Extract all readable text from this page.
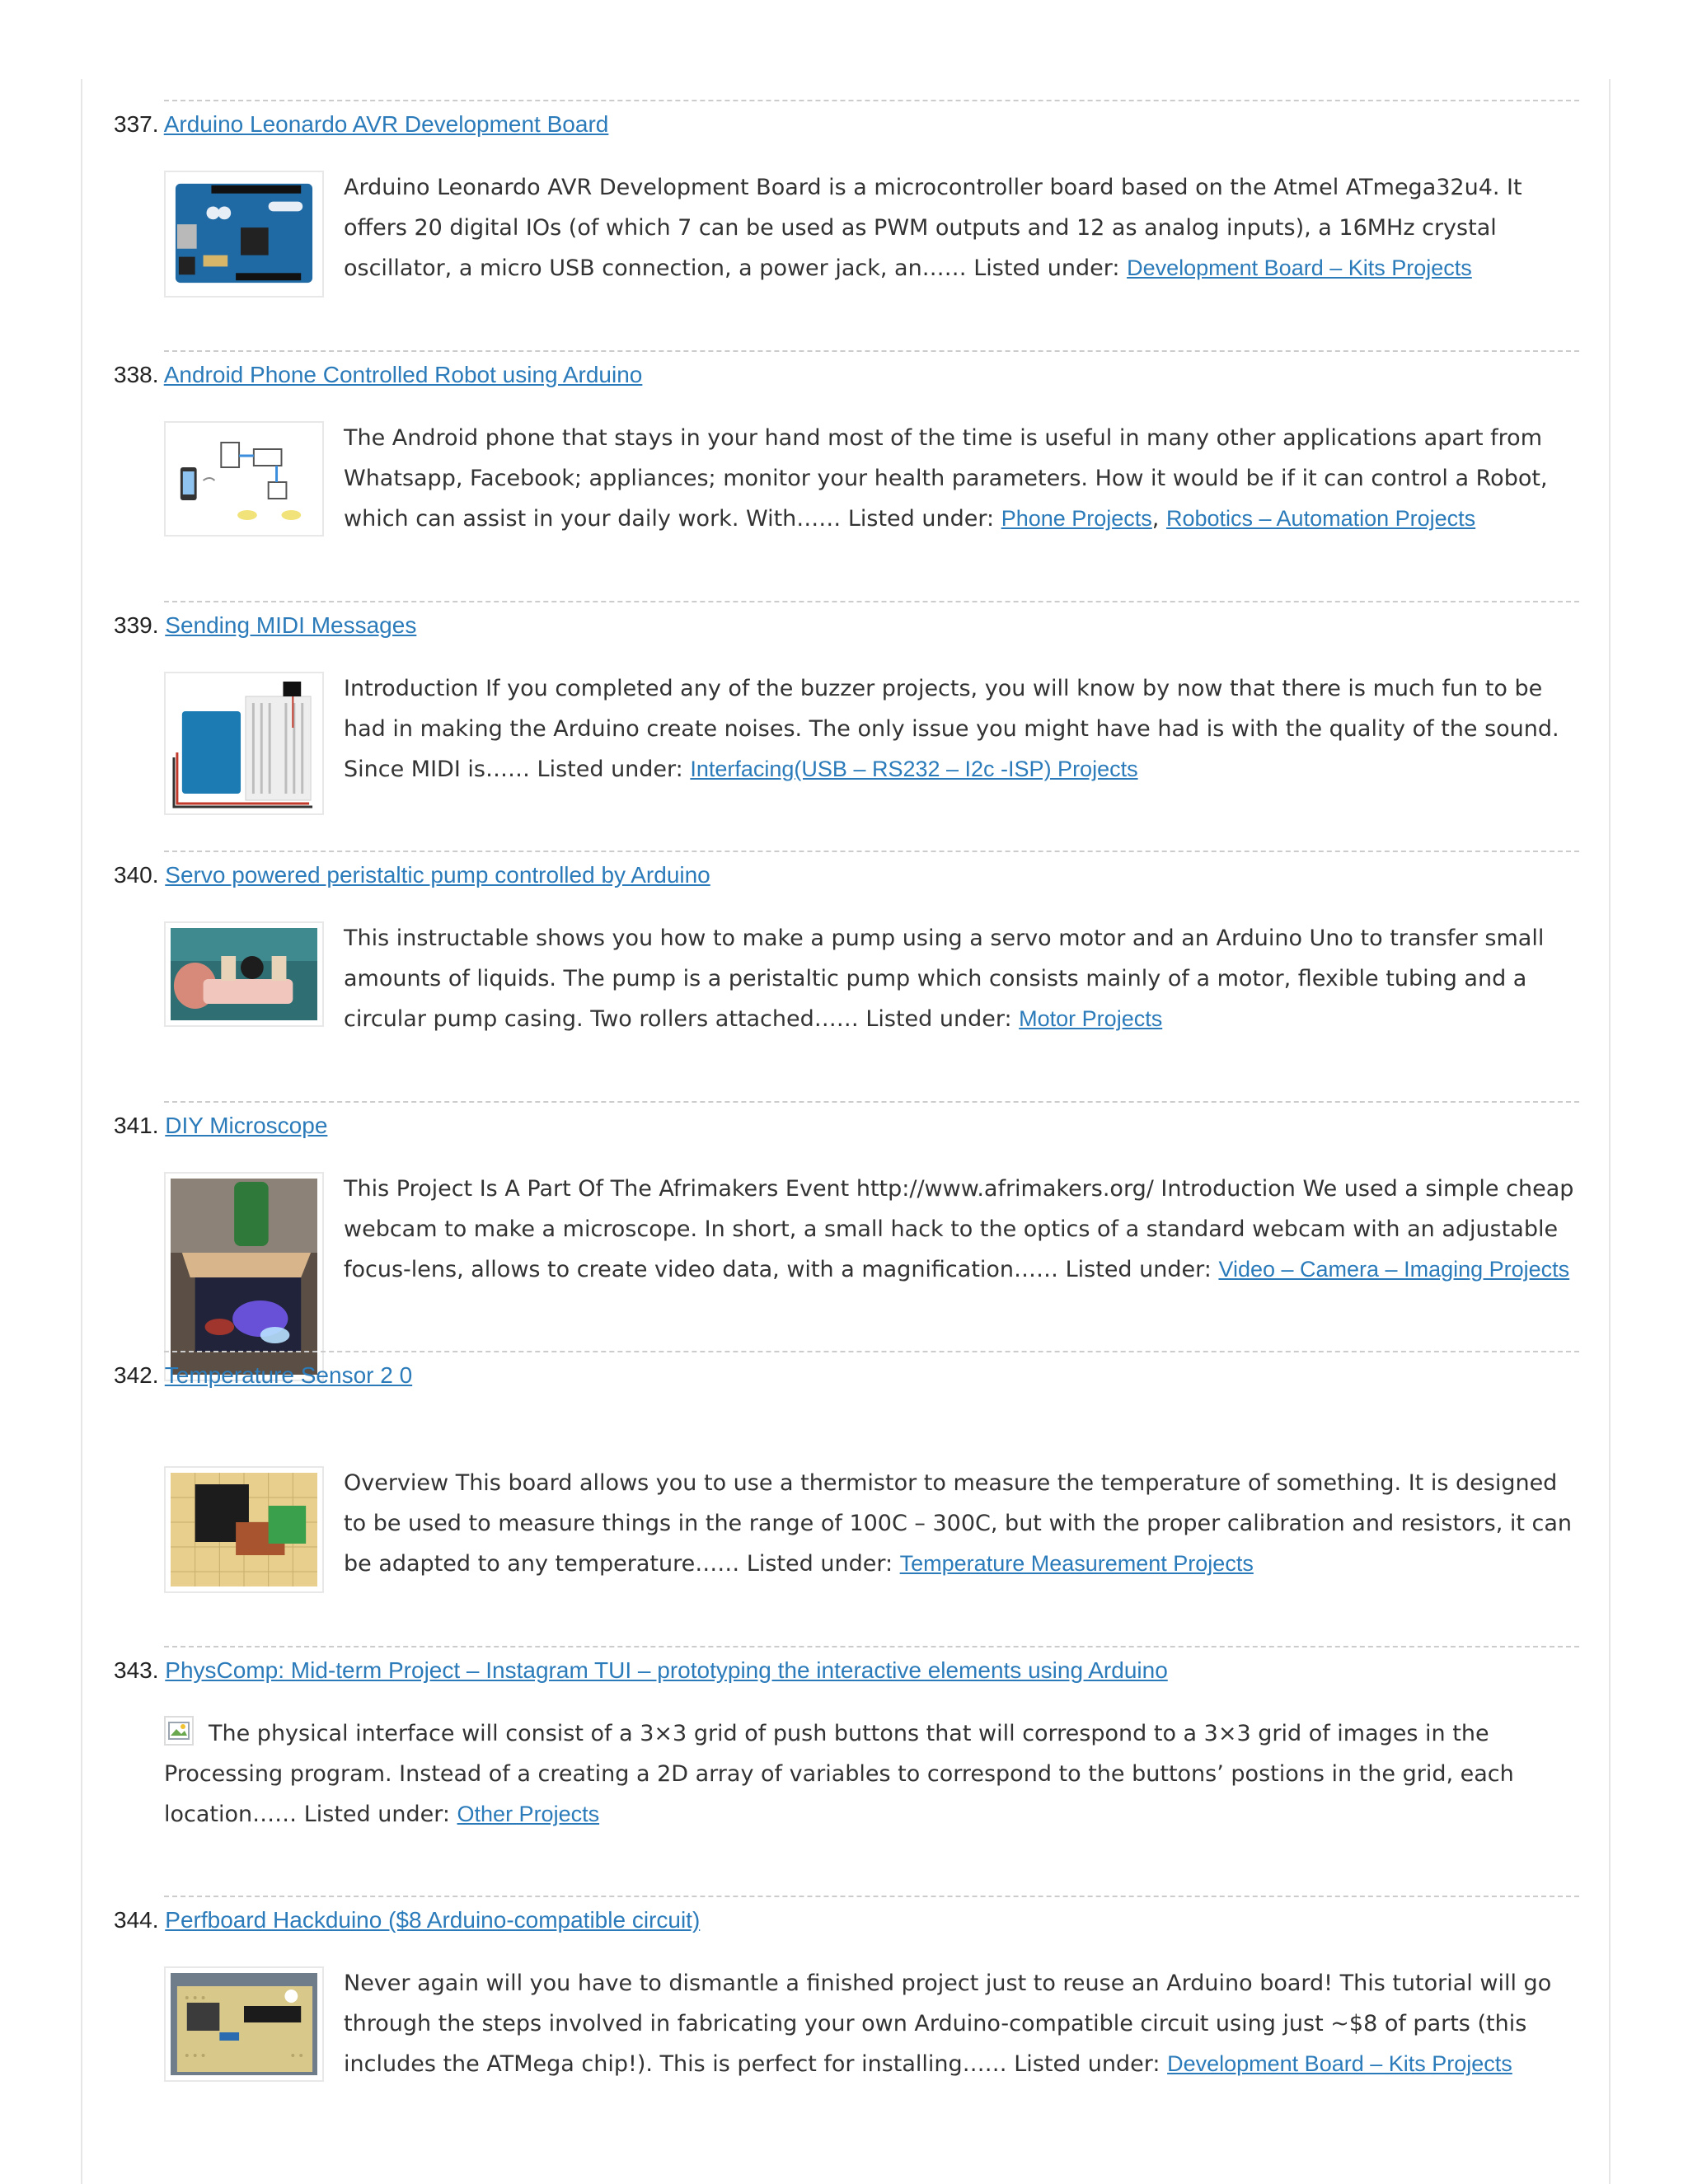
337. Arduino Leonardo AVR Development Board
Arduino Leonardo AVR Development Board is a microcontroller board based on the Atmel ATmega32u4. It offers 20 digital IOs (of which 7 can be used as PWM outputs and 12 as analog inputs), a 16MHz crystal oscillator, a micro USB connection, a power jack, an…… Listed under: Development Board – Kits Projects
338. Android Phone Controlled Robot using Arduino
The Android phone that stays in your hand most of the time is useful in many other applications apart from Whatsapp, Facebook; appliances; monitor your health parameters. How it would be if it can control a Robot, which can assist in your daily work. With…… Listed under: Phone Projects, Robotics – Automation Projects
339. Sending MIDI Messages
Introduction If you completed any of the buzzer projects, you will know by now that there is much fun to be had in making the Arduino create noises. The only issue you might have had is with the quality of the sound. Since MIDI is…… Listed under: Interfacing(USB – RS232 – I2c -ISP) Projects
340. Servo powered peristaltic pump controlled by Arduino
This instructable shows you how to make a pump using a servo motor and an Arduino Uno to transfer small amounts of liquids. The pump is a peristaltic pump which consists mainly of a motor, flexible tubing and a circular pump casing. Two rollers attached…… Listed under: Motor Projects
341. DIY Microscope
This Project Is A Part Of The Afrimakers Event http://www.afrimakers.org/ Introduction We used a simple cheap webcam to make a microscope. In short, a small hack to the optics of a standard webcam with an adjustable focus-lens, allows to create video data, with a magnification…… Listed under: Video – Camera – Imaging Projects
342. Temperature Sensor 2 0
Overview This board allows you to use a thermistor to measure the temperature of something. It is designed to be used to measure things in the range of 100C – 300C, but with the proper calibration and resistors, it can be adapted to any temperature…… Listed under: Temperature Measurement Projects
343. PhysComp: Mid-term Project – Instagram TUI – prototyping the interactive elements using Arduino
The physical interface will consist of a 3×3 grid of push buttons that will correspond to a 3×3 grid of images in the Processing program. Instead of a creating a 2D array of variables to correspond to the buttons’ postions in the grid, each location…… Listed under: Other Projects
344. Perfboard Hackduino ($8 Arduino-compatible circuit)
Never again will you have to dismantle a finished project just to reuse an Arduino board! This tutorial will go through the steps involved in fabricating your own Arduino-compatible circuit using just ~$8 of parts (this includes the ATMega chip!). This is perfect for installing…… Listed under: Development Board – Kits Projects
